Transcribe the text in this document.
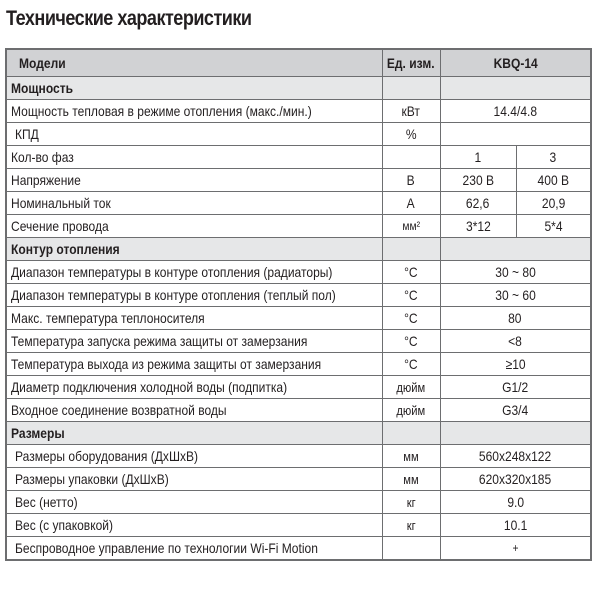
Технические характеристики
Модели	Ед. изм.	KBQ-14	
Мощность			
Мощность тепловая в режиме отопления (макс./мин.)	кВт	14.4/4.8	
КПД	%		
Кол-во фаз		1	3
Напряжение	В	230 В	400 В
Номинальный ток	А	62,6	20,9
Сечение провода	мм²	3*12	5*4
Контур отопления			
Диапазон температуры в контуре отопления (радиаторы)	°С	30 ~ 80	
Диапазон температуры в контуре отопления (теплый пол)	°С	30 ~ 60	
Макс. температура теплоносителя	°С	80	
Температура запуска режима защиты от замерзания	°С	<8	
Температура выхода из режима защиты от замерзания	°С	≥10	
Диаметр подключения холодной воды (подпитка)	дюйм	G1/2	
Входное соединение возвратной воды	дюйм	G3/4	
Размеры			
Размеры оборудования (ДхШхВ)	мм	560x248x122	
Размеры упаковки (ДхШхВ)	мм	620x320x185	
Вес (нетто)	кг	9.0	
Вес (с упаковкой)	кг	10.1	
Беспроводное управление по технологии Wi-Fi Motion		+	
